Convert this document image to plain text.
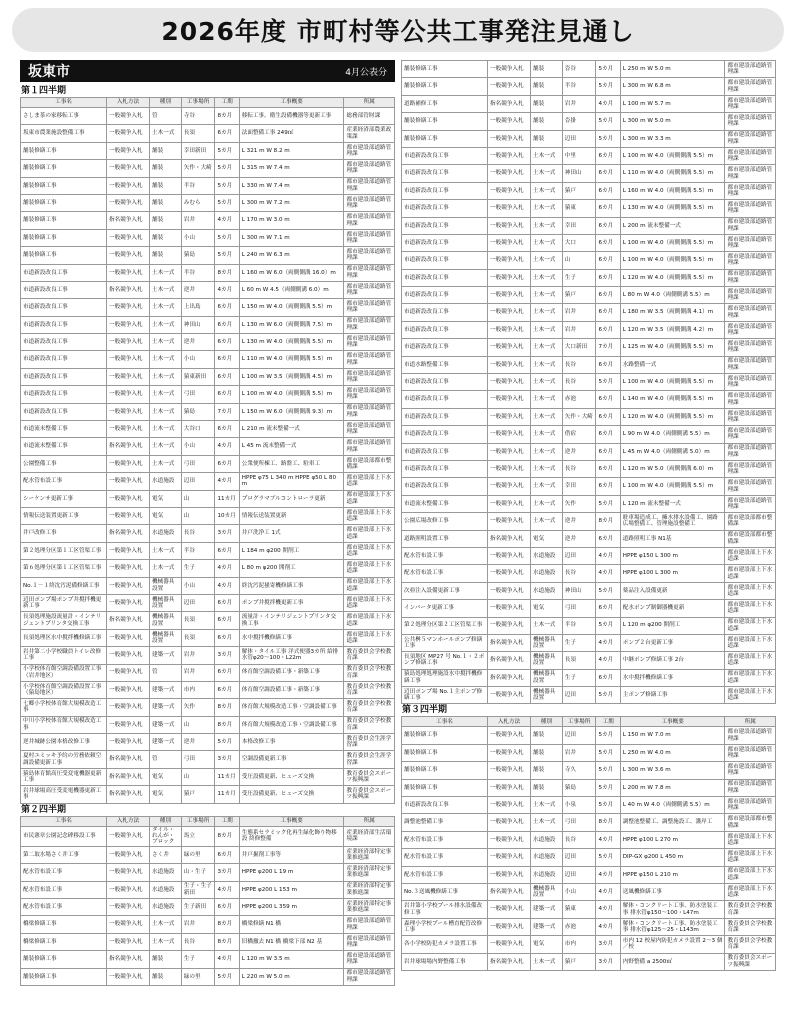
2026年度 市町村等公共工事発注見通し
坂東市	4月公表分
第１四半期
工事名	入札方法	種別	工事場所	工期	工事概要	所属
さしま茶の家移転工事	一般競争入札	管	寺谷	8カ月	移転工事。衛生設備機器等更新工事	総務部管財課
坂東市農業施設整備工事	一般競争入札	土木一式	長須	6カ月	法面整備工事 249㎡	産業経済部農業政策課
舗装修繕工事	一般競争入札	舗装	幸田新田	5カ月	L 321 m W 8.2 m	都市建設部道路管理課
舗装修繕工事	一般競争入札	舗装	矢作・大崎	5カ月	L 315 m W 7.4 m	都市建設部道路管理課
舗装修繕工事	一般競争入札	舗装	半谷	5カ月	L 330 m W 7.4 m	都市建設部道路管理課
舗装修繕工事	一般競争入札	舗装	みむら	5カ月	L 300 m W 7.2 m	都市建設部道路管理課
舗装修繕工事	指名競争入札	舗装	岩井	4カ月	L 170 m W 3.0 m	都市建設部道路管理課
舗装修繕工事	一般競争入札	舗装	小山	5カ月	L 300 m W 7.1 m	都市建設部道路管理課
舗装修繕工事	一般競争入札	舗装	猿島	5カ月	L 240 m W 6.3 m	都市建設部道路管理課
市道新設改良工事	一般競争入札	土木一式	半谷	8カ月	L 160 m W 6.0（両側側溝 16.0）m	都市建設部道路管理課
市道新設改良工事	指名競争入札	土木一式	逆井	4カ月	L 60 m W 4.5（両側側溝 6.0）m	都市建設部道路管理課
市道新設改良工事	一般競争入札	土木一式	上出島	6カ月	L 150 m W 4.0（両側側溝 5.5）m	都市建設部道路管理課
市道新設改良工事	一般競争入札	土木一式	神田山	6カ月	L 130 m W 6.0（両側側溝 7.5）m	都市建設部道路管理課
市道新設改良工事	一般競争入札	土木一式	逆井	6カ月	L 130 m W 4.0（両側側溝 5.5）m	都市建設部道路管理課
市道新設改良工事	一般競争入札	土木一式	小山	6カ月	L 110 m W 4.0（両側側溝 5.5）m	都市建設部道路管理課
市道新設改良工事	一般競争入札	土木一式	猿東新田	6カ月	L 100 m W 3.5（両側側溝 4.5）m	都市建設部道路管理課
市道新設改良工事	一般競争入札	土木一式	弓田	6カ月	L 100 m W 4.0（両側側溝 5.5）m	都市建設部道路管理課
市道新設改良工事	一般競争入札	土木一式	猿島	7カ月	L 150 m W 6.0（両側側溝 9.3）m	都市建設部道路管理課
市道流末整備工事	一般競争入札	土木一式	大谷口	6カ月	L 210 m 流末整備一式	都市建設部道路管理課
市道流末整備工事	指名競争入札	土木一式	小山	4カ月	L 45 m 流末整備一式	都市建設部道路管理課
公園整備工事	一般競争入札	土木一式	弓田	6カ月	公衆便所棟工、路盤工、駐車工	都市建設部都市整備課
配水管布設工事	一般競争入札	水道施設	辺田	4カ月	HPPE φ75 L 340 m HPPE φ50 L 80 m	都市建設部上下水道課
シーケンサ更新工事	一般競争入札	電気	山	11カ月	プログラマブルコントローラ更新	都市建設部上下水道課
情報伝送装置更新工事	一般競争入札	電気	山	10カ月	情報伝送装置更新	都市建設部上下水道課
井戸改修工事	指名競争入札	水道施設	長谷	3カ月	井戸洗浄工 1式	都市建設部上下水道課
第２処理分区第１工区管渠工事	一般競争入札	土木一式	半谷	6カ月	L 184 m φ200 開削工	都市建設部上下水道課
第６処理分区第１工区管渠工事	一般競争入札	土木一式	生子	4カ月	L 80 m φ200 開削工	都市建設部上下水道課
No.１－１終沈汚泥備修繕工事	一般競争入札	機械器具設置	小山	4カ月	終沈汚泥掻寄機修繕工事	都市建設部上下水道課
辺田ポンプ場ポンプ井撹拌機更新工事	一般競争入札	機械器具設置	辺田	6カ月	ポンプ井撹拌機更新工事	都市建設部上下水道課
長須処理施設流量計・インテリジェントプリンタ交換工事	指名競争入札	機械器具設置	長須	6カ月	流量計・インテリジェントプリンタ交換工事	都市建設部上下水道課
長須処理区水中撹拌機修繕工事	一般競争入札	機械器具設置	長須	6カ月	水中撹拌機修繕工事	都市建設部上下水道課
岩井第二小学校職員トイレ改修工事	一般競争入札	建築一式	岩井	3カ月	解体・タイル工事 洋式便器3カ所 給排水管φ20～100・L22m	教育委員会学校教育課
小学校体育館空調設備設置工事（岩井地区）	一般競争入札	管	岩井	6カ月	体育館空調設備工事・新築工事	教育委員会学校教育課
小学校体育館空調設備設置工事（猿島地区）	一般競争入札	建築一式	市内	6カ月	体育館空調設備工事・新築工事	教育委員会学校教育課
七郷小学校体育館大規模改造工事	一般競争入札	建築一式	矢作	8カ月	体育館大規模改造工事・空調設備工事	教育委員会学校教育課
中川小学校体育館大規模改造工事	一般競争入札	建築一式	山	8カ月	体育館大規模改造工事・空調設備工事	教育委員会学校教育課
逆井城跡公園本格改修工事	一般競争入札	建築一式	逆井	5カ月	本格改修工事	教育委員会生涯学習課
夏村ユミッキ予約の労務依頼空調設備更新工事	指名競争入札	管	弓田	3カ月	空調設備更新工事	教育委員会生涯学習課
猿島体育館高圧受変電機器更新工事	指名競争入札	電気	山	11カ月	受圧設備更新、ヒューズ交換	教育委員会スポーツ振興課
岩井球場高圧受変電機器更新工事	指名競争入札	電気	猿戸	11カ月	受圧設備更新、ヒューズ交換	教育委員会スポーツ振興課
第２四半期
工事名	入札方法	種別	工事場所	工期	工事概要	所属
市民憲章公園記念碑移設工事	一般競争入札	タイル・れんが・ブロック	馬立	8カ月	生態系セラミック化再生緑化飾り物移設 終修整備	産業経済部生活環境課
第二取水場さく井工事	一般競争入札	さく井	緑の里	6カ月	井戸掘削工事等	産業経済部特定事業推進課
配水管布設工事	一般競争入札	水道施設	山・生子	3カ月	HPPE φ200 L 19 m	産業経済部特定事業推進課
配水管布設工事	一般競争入札	水道施設	生子・生子新田	4カ月	HPPE φ200 L 153 m	産業経済部特定事業推進課
配水管布設工事	一般競争入札	水道施設	生子新田	6カ月	HPPE φ200 L 359 m	産業経済部特定事業推進課
橋梁修繕工事	一般競争入札	土木一式	岩井	8カ月	橋梁修繕 N1 橋	都市建設部道路管理課
橋梁修繕工事	一般競争入札	土木一式	長谷	8カ月	旧橋撤去 N1 橋 橋梁下部 N2 基	都市建設部道路管理課
舗装修繕工事	指名競争入札	舗装	生子	4カ月	L 120 m W 3.5 m	都市建設部道路管理課
舗装修繕工事	一般競争入札	舗装	緑の里	5カ月	L 220 m W 5.0 m	都市建設部道路管理課

舗装修繕工事	一般競争入札	舗装	沓谷	5カ月	L 250 m W 5.0 m	都市建設部道路管理課
舗装修繕工事	一般競争入札	舗装	半谷	5カ月	L 300 m W 6.8 m	都市建設部道路管理課
道路補修工事	指名競争入札	舗装	岩井	4カ月	L 100 m W 5.7 m	都市建設部道路管理課
舗装修繕工事	一般競争入札	舗装	沓掛	5カ月	L 300 m W 5.0 m	都市建設部道路管理課
舗装修繕工事	一般競争入札	舗装	辺田	5カ月	L 300 m W 3.3 m	都市建設部道路管理課
市道新設改良工事	一般競争入札	土木一式	中里	6カ月	L 100 m W 4.0（両側側溝 5.5）m	都市建設部道路管理課
市道新設改良工事	一般競争入札	土木一式	神田山	6カ月	L 110 m W 4.0（両側側溝 5.5）m	都市建設部道路管理課
市道新設改良工事	一般競争入札	土木一式	猿戸	6カ月	L 160 m W 4.0（両側側溝 5.5）m	都市建設部道路管理課
市道新設改良工事	一般競争入札	土木一式	猿東	6カ月	L 130 m W 4.0（両側側溝 5.5）m	都市建設部道路管理課
市道新設改良工事	一般競争入札	土木一式	幸田	6カ月	L 200 m 流末整備一式	都市建設部道路管理課
市道新設改良工事	一般競争入札	土木一式	大口	6カ月	L 100 m W 4.0（両側側溝 5.5）m	都市建設部道路管理課
市道新設改良工事	一般競争入札	土木一式	山	6カ月	L 100 m W 4.0（両側側溝 5.5）m	都市建設部道路管理課
市道新設改良工事	一般競争入札	土木一式	生子	6カ月	L 120 m W 4.0（両側側溝 5.5）m	都市建設部道路管理課
市道新設改良工事	一般競争入札	土木一式	猿戸	6カ月	L 80 m W 4.0（両側側溝 5.5）m	都市建設部道路管理課
市道新設改良工事	一般競争入札	土木一式	岩井	6カ月	L 180 m W 3.5（両側側溝 4.1）m	都市建設部道路管理課
市道新設改良工事	一般競争入札	土木一式	岩井	6カ月	L 120 m W 3.5（両側側溝 4.2）m	都市建設部道路管理課
市道新設改良工事	一般競争入札	土木一式	大口新田	7カ月	L 125 m W 4.0（両側側溝 5.5）m	都市建設部道路管理課
市道水路整備工事	一般競争入札	土木一式	長谷	6カ月	水路整備一式	都市建設部道路管理課
市道新設改良工事	一般競争入札	土木一式	長谷	5カ月	L 100 m W 4.0（両側側溝 5.5）m	都市建設部道路管理課
市道新設改良工事	一般競争入札	土木一式	赤池	6カ月	L 140 m W 4.0（両側側溝 5.5）m	都市建設部道路管理課
市道新設改良工事	一般競争入札	土木一式	矢作・大崎	6カ月	L 120 m W 4.0（両側側溝 5.5）m	都市建設部道路管理課
市道新設改良工事	一般競争入札	土木一式	借宿	6カ月	L 90 m W 4.0（両側側溝 5.5）m	都市建設部道路管理課
市道新設改良工事	一般競争入札	土木一式	逆井	6カ月	L 45 m W 4.0（両側側溝 5.0）m	都市建設部道路管理課
市道新設改良工事	一般競争入札	土木一式	長谷	6カ月	L 120 m W 5.0（両側側溝 6.0）m	都市建設部道路管理課
市道新設改良工事	一般競争入札	土木一式	幸田	6カ月	L 100 m W 4.0（両側側溝 5.5）m	都市建設部道路管理課
市道流末整備工事	一般競争入札	土木一式	矢作	5カ月	L 120 m 流末整備一式	都市建設部道路管理課
公園広場改修工事	一般競争入札	土木一式	逆井	8カ月	駐車場造成工、擁水排水設備工、園路広場整備工、管理施設整備工	都市建設部都市整備課
道路照明設置工事	指名競争入札	電気	逆井	6カ月	道路照明工事 N1基	都市建設部都市整備課
配水管布設工事	一般競争入札	水道施設	辺田	4カ月	HPPE φ150 L 300 m	都市建設部上下水道課
配水管布設工事	一般競争入札	水道施設	長谷	4カ月	HPPE φ100 L 300 m	都市建設部上下水道課
次亜注入設備更新工事	一般競争入札	水道施設	神田山	5カ月	薬品注入設備更新	都市建設部上下水道課
インバータ更新工事	一般競争入札	電気	弓田	6カ月	配水ポンプ制御器機更新	都市建設部上下水道課
第２処理分区第２工区管渠工事	一般競争入札	土木一式	半谷	5カ月	L 120 m φ200 開削工	都市建設部上下水道課
公共桝５マンホールポンプ修繕工事	指名競争入札	機械器具設置	生子	4カ月	ポンプ２台更新工事	都市建設部上下水道課
長須地区 MP27 号 No.１・２ポンプ修繕工事	指名競争入札	機械器具設置	長須	4カ月	中継ポンプ修繕工事 2台	都市建設部上下水道課
猿島処理処理施設水中撹拌機修繕工事	指名競争入札	機械器具設置	生子	6カ月	水中撹拌機修繕工事	都市建設部上下水道課
辺田ポンプ場 No.１主ポンプ修繕工事	一般競争入札	機械器具設置	辺田	5カ月	主ポンプ修繕工事	都市建設部上下水道課
第３四半期
工事名	入札方法	種別	工事場所	工期	工事概要	所属
舗装修繕工事	一般競争入札	舗装	辺田	5カ月	L 150 m W 7.0 m	都市建設部道路管理課
舗装修繕工事	一般競争入札	舗装	岩井	5カ月	L 250 m W 4.0 m	都市建設部道路管理課
舗装修繕工事	一般競争入札	舗装	寺久	5カ月	L 300 m W 3.6 m	都市建設部道路管理課
舗装修繕工事	一般競争入札	舗装	猿島	5カ月	L 200 m W 7.8 m	都市建設部道路管理課
市道新設改良工事	一般競争入札	土木一式	小泉	5カ月	L 40 m W 4.0（両側側溝 5.5）m	都市建設部道路管理課
調整池整備工事	一般競争入札	土木一式	弓田	8カ月	調整池整備工、調整施設工、護岸工	都市建設部都市整備課
配水管布設工事	一般競争入札	水道施設	長谷	4カ月	HPPE φ100 L 270 m	都市建設部上下水道課
配水管布設工事	一般競争入札	水道施設	辺田	5カ月	DIP-GX φ200 L 450 m	都市建設部上下水道課
配水管布設工事	一般競争入札	水道施設	辺田	4カ月	HPPE φ150 L 210 m	都市建設部上下水道課
No.３送風機修繕工事	指名競争入札	機械器具設置	小山	4カ月	送風機修繕工事	都市建設部上下水道課
岩井第小学校プール排水設備改修工事	一般競争入札	建築一式	猿東	4カ月	解体・コンクリート工事、防水塗装工事 排水管φ150～100・L47m	教育委員会学校教育課
森理小学校プール槽直配管改修工事	一般競争入札	建築一式	赤池	4カ月	解体・コンクリート工事、防水塗装工事 排水管φ125～25・L143m	教育委員会学校教育課
各小学校防犯カメラ設置工事	一般競争入札	電気	市内	3カ月	市内 12 校屋内防犯カメラ設置 2～3 個／校	教育委員会学校教育課
岩井球場場内野整備工事	指名競争入札	土木一式	猿戸	3カ月	内野整備 a 2500㎡	教育委員会スポーツ振興課
